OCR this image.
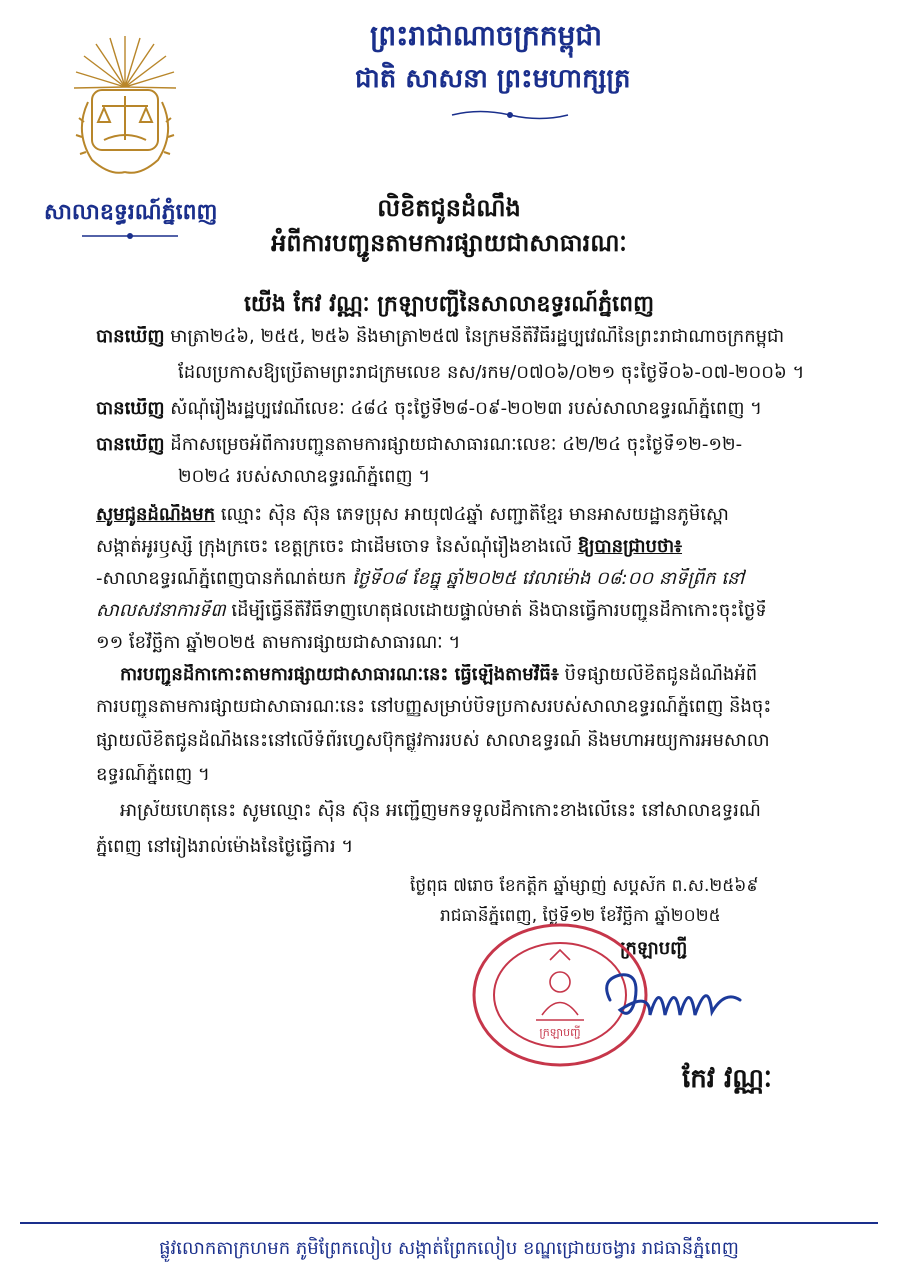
សាលាឧទ្ធរណ៍ភ្នំពេញ
ព្រះរាជាណាចក្រកម្ពុជា
ជាតិ សាសនា ព្រះមហាក្សត្រ
លិខិតជូនដំណឹង
អំពីការបញ្ជូនតាមការផ្សាយជាសាធារណៈ
យើង កែវ វណ្ណៈ ក្រឡាបញ្ជីនៃសាលាឧទ្ធរណ៍ភ្នំពេញ
បានឃើញ មាត្រា២៤៦, ២៥៥, ២៥៦ និងមាត្រា២៥៧ នៃក្រមនីតិវិធីរដ្ឋប្បវេណីនៃព្រះរាជាណាចក្រកម្ពុជា
ដែលប្រកាសឱ្យប្រើតាមព្រះរាជក្រមលេខ នស/រកម/០៧០៦/០២១ ចុះថ្ងៃទី០៦-០៧-២០០៦ ។
បានឃើញ សំណុំរឿងរដ្ឋប្បវេណីលេខៈ ៤៨៤ ចុះថ្ងៃទី២៨-០៩-២០២៣ របស់សាលាឧទ្ធរណ៍ភ្នំពេញ ។
បានឃើញ ដីកាសម្រេចអំពីការបញ្ជូនតាមការផ្សាយជាសាធារណៈលេខៈ ៤២/២៤ ចុះថ្ងៃទី១២-១២-
២០២៤ របស់សាលាឧទ្ធរណ៍ភ្នំពេញ ។
សូមជូនដំណឹងមក ឈ្មោះ ស៊ិន ស៊ុន ភេទប្រុស អាយុ៧៤ឆ្នាំ សញ្ជាតិខ្មែរ មានអាសយដ្ឋានភូមិស្ពោ
សង្កាត់អូរឫស្សី ក្រុងក្រចេះ ខេត្តក្រចេះ ជាដើមចោទ នៃសំណុំរឿងខាងលើ ឱ្យបានជ្រាបថា៖
-សាលាឧទ្ធរណ៍ភ្នំពេញបានកំណត់យក ថ្ងៃទី០៨ ខែធ្នូ ឆ្នាំ២០២៥ វេលាម៉ោង ០៨:០០ នាទីព្រឹក នៅ
សាលសវនាការទី៣ ដើម្បីធ្វើនីតិវិធីទាញហេតុផលដោយផ្ទាល់មាត់ និងបានធ្វើការបញ្ជូនដីកាកោះចុះថ្ងៃទី
១១ ខែវិច្ឆិកា ឆ្នាំ២០២៥ តាមការផ្សាយជាសាធារណៈ ។
ការបញ្ជូនដីកាកោះតាមការផ្សាយជាសាធារណៈនេះ ធ្វើឡើងតាមវិធី៖ បិទផ្សាយលិខិតជូនដំណឹងអំពី
ការបញ្ជូនតាមការផ្សាយជាសាធារណៈនេះ នៅបញ្ញសម្រាប់បិទប្រកាសរបស់សាលាឧទ្ធរណ៍ភ្នំពេញ និងចុះ
ផ្សាយលិខិតជូនដំណឹងនេះនៅលើទំព័រហ្វេសប៊ុកផ្លូវការរបស់ សាលាឧទ្ធរណ៍ និងមហាអយ្យការអមសាលា
ឧទ្ធរណ៍ភ្នំពេញ ។
អាស្រ័យហេតុនេះ សូមឈ្មោះ ស៊ិន ស៊ុន អញ្ជើញមកទទួលដីកាកោះខាងលើនេះ នៅសាលាឧទ្ធរណ៍
ភ្នំពេញ នៅរៀងរាល់ម៉ោងនៃថ្ងៃធ្វើការ ។
ថ្ងៃពុធ ៧រោច ខែកត្តិក ឆ្នាំម្សាញ់ សប្តស័ក ព.ស.២៥៦៩
រាជធានីភ្នំពេញ, ថ្ងៃទី១២ ខែវិច្ឆិកា ឆ្នាំ២០២៥
ក្រឡាបញ្ជី
ក្រឡាបញ្ជី
កែវ វណ្ណៈ
ផ្លូវលោកតាក្រហមក ភូមិព្រែកលៀប សង្កាត់ព្រែកលៀប ខណ្ឌជ្រោយចង្វារ រាជធានីភ្នំពេញ
